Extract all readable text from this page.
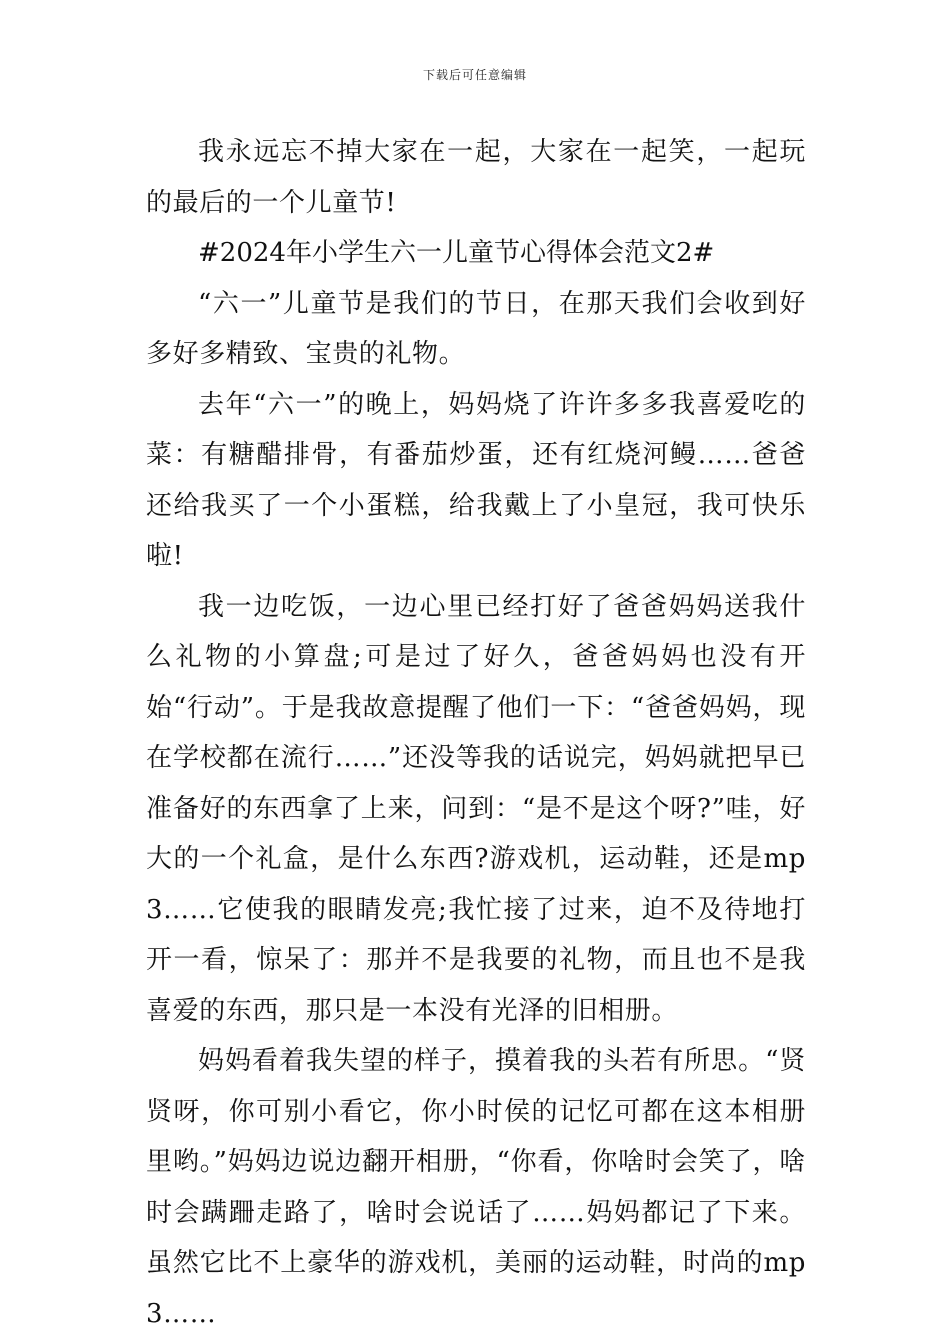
下载后可任意编辑

我永远忘不掉大家在一起，大家在一起笑，一起玩的最后的一个儿童节!

#2024年小学生六一儿童节心得体会范文2#

“六一”儿童节是我们的节日，在那天我们会收到好多好多精致、宝贵的礼物。

去年“六一”的晚上，妈妈烧了许许多多我喜爱吃的菜：有糖醋排骨，有番茄炒蛋，还有红烧河鳗……爸爸还给我买了一个小蛋糕，给我戴上了小皇冠，我可快乐啦!

我一边吃饭，一边心里已经打好了爸爸妈妈送我什么礼物的小算盘;可是过了好久，爸爸妈妈也没有开始“行动”。于是我故意提醒了他们一下：“爸爸妈妈，现在学校都在流行……”还没等我的话说完，妈妈就把早已准备好的东西拿了上来，问到：“是不是这个呀?”哇，好大的一个礼盒，是什么东西?游戏机，运动鞋，还是mp3……它使我的眼睛发亮;我忙接了过来，迫不及待地打开一看，惊呆了：那并不是我要的礼物，而且也不是我喜爱的东西，那只是一本没有光泽的旧相册。

妈妈看着我失望的样子，摸着我的头若有所思。“贤贤呀，你可别小看它，你小时侯的记忆可都在这本相册里哟。”妈妈边说边翻开相册，“你看，你啥时会笑了，啥时会蹒跚走路了，啥时会说话了……妈妈都记了下来。虽然它比不上豪华的游戏机，美丽的运动鞋，时尚的mp3……
